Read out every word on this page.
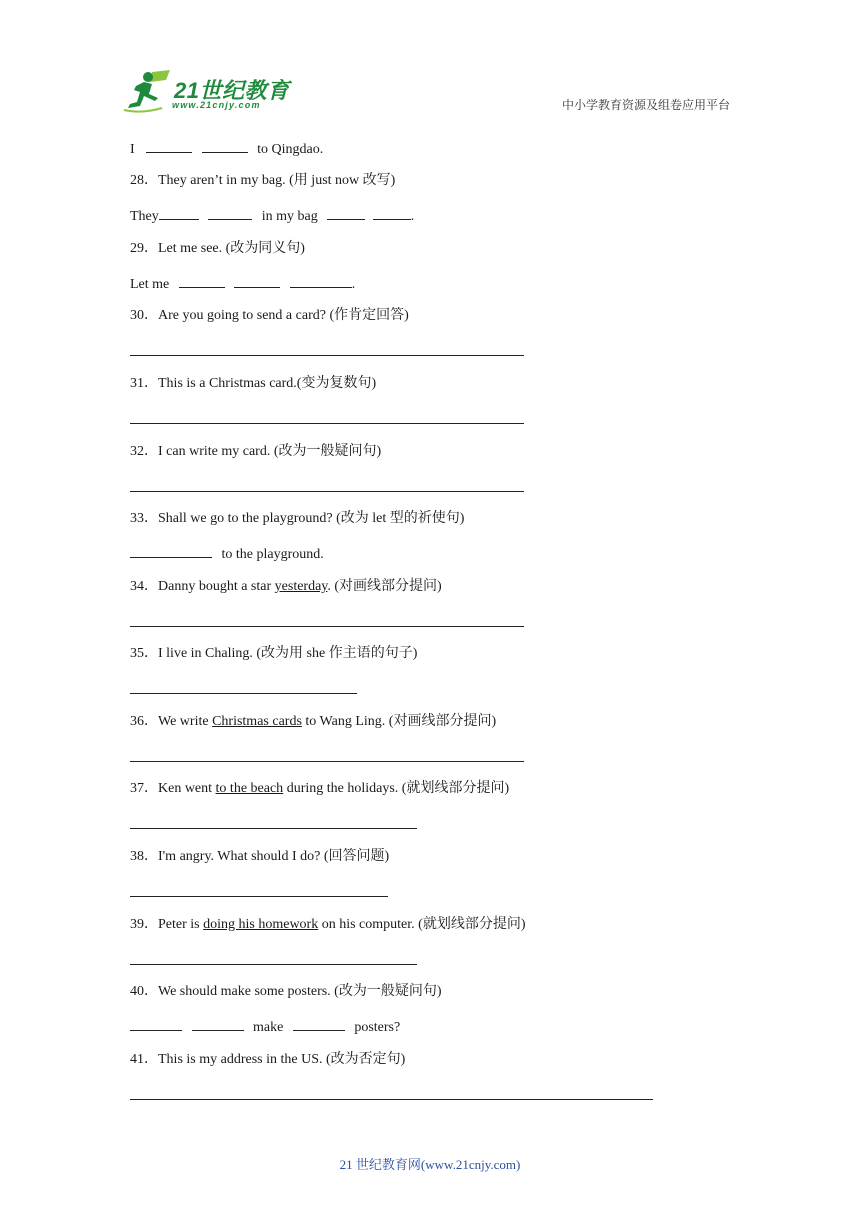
21世纪教育
www.21cnjy.com	中小学教育资源及组卷应用平台
I	to Qingdao.
28．They aren’t in my bag. (用 just now 改写)
They	in my bag	.
29．Let me see. (改为同义句)
Let me	.
30．Are you going to send a card? (作肯定回答)
31．This is a Christmas card.(变为复数句)
32．I can write my card. (改为一般疑问句)
33．Shall we go to the playground? (改为 let 型的祈使句)
to the playground.
34．Danny bought a star yesterday. (对画线部分提问)
35．I live in Chaling. (改为用 she 作主语的句子)
36．We write Christmas cards to Wang Ling. (对画线部分提问)
37．Ken went to the beach during the holidays. (就划线部分提问)
38．I'm angry. What should I do? (回答问题)
39．Peter is doing his homework on his computer. (就划线部分提问)
40．We should make some posters. (改为一般疑问句)
make	posters?
41．This is my address in the US. (改为否定句)
21 世纪教育网(www.21cnjy.com)
